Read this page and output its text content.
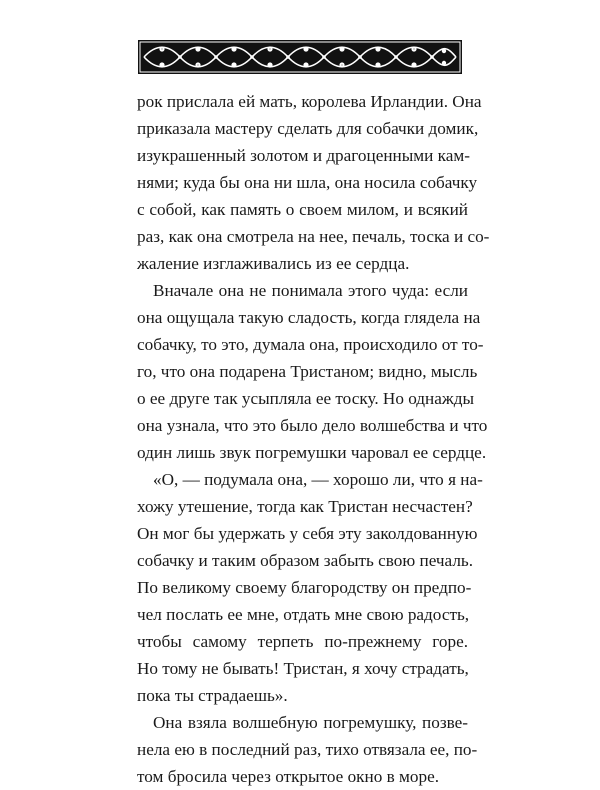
рок прислала ей мать, королева Ирландии. Она
приказала мастеру сделать для собачки домик,
изукрашенный золотом и драгоценными кам-
нями; куда бы она ни шла, она носила собачку
с собой, как память о своем милом, и всякий
раз, как она смотрела на нее, печаль, тоска и со-
жаление изглаживались из ее сердца.
Вначале она не понимала этого чуда: если
она ощущала такую сладость, когда глядела на
собачку, то это, думала она, происходило от то-
го, что она подарена Тристаном; видно, мысль
о ее друге так усыпляла ее тоску. Но однажды
она узнала, что это было дело волшебства и что
один лишь звук погремушки чаровал ее сердце.
«О, — подумала она, — хорошо ли, что я на-
хожу утешение, тогда как Тристан несчастен?
Он мог бы удержать у себя эту заколдованную
собачку и таким образом забыть свою печаль.
По великому своему благородству он предпо-
чел послать ее мне, отдать мне свою радость,
чтобы самому терпеть по-прежнему горе.
Но тому не бывать! Тристан, я хочу страдать,
пока ты страдаешь».
Она взяла волшебную погремушку, позве-
нела ею в последний раз, тихо отвязала ее, по-
том бросила через открытое окно в море.
